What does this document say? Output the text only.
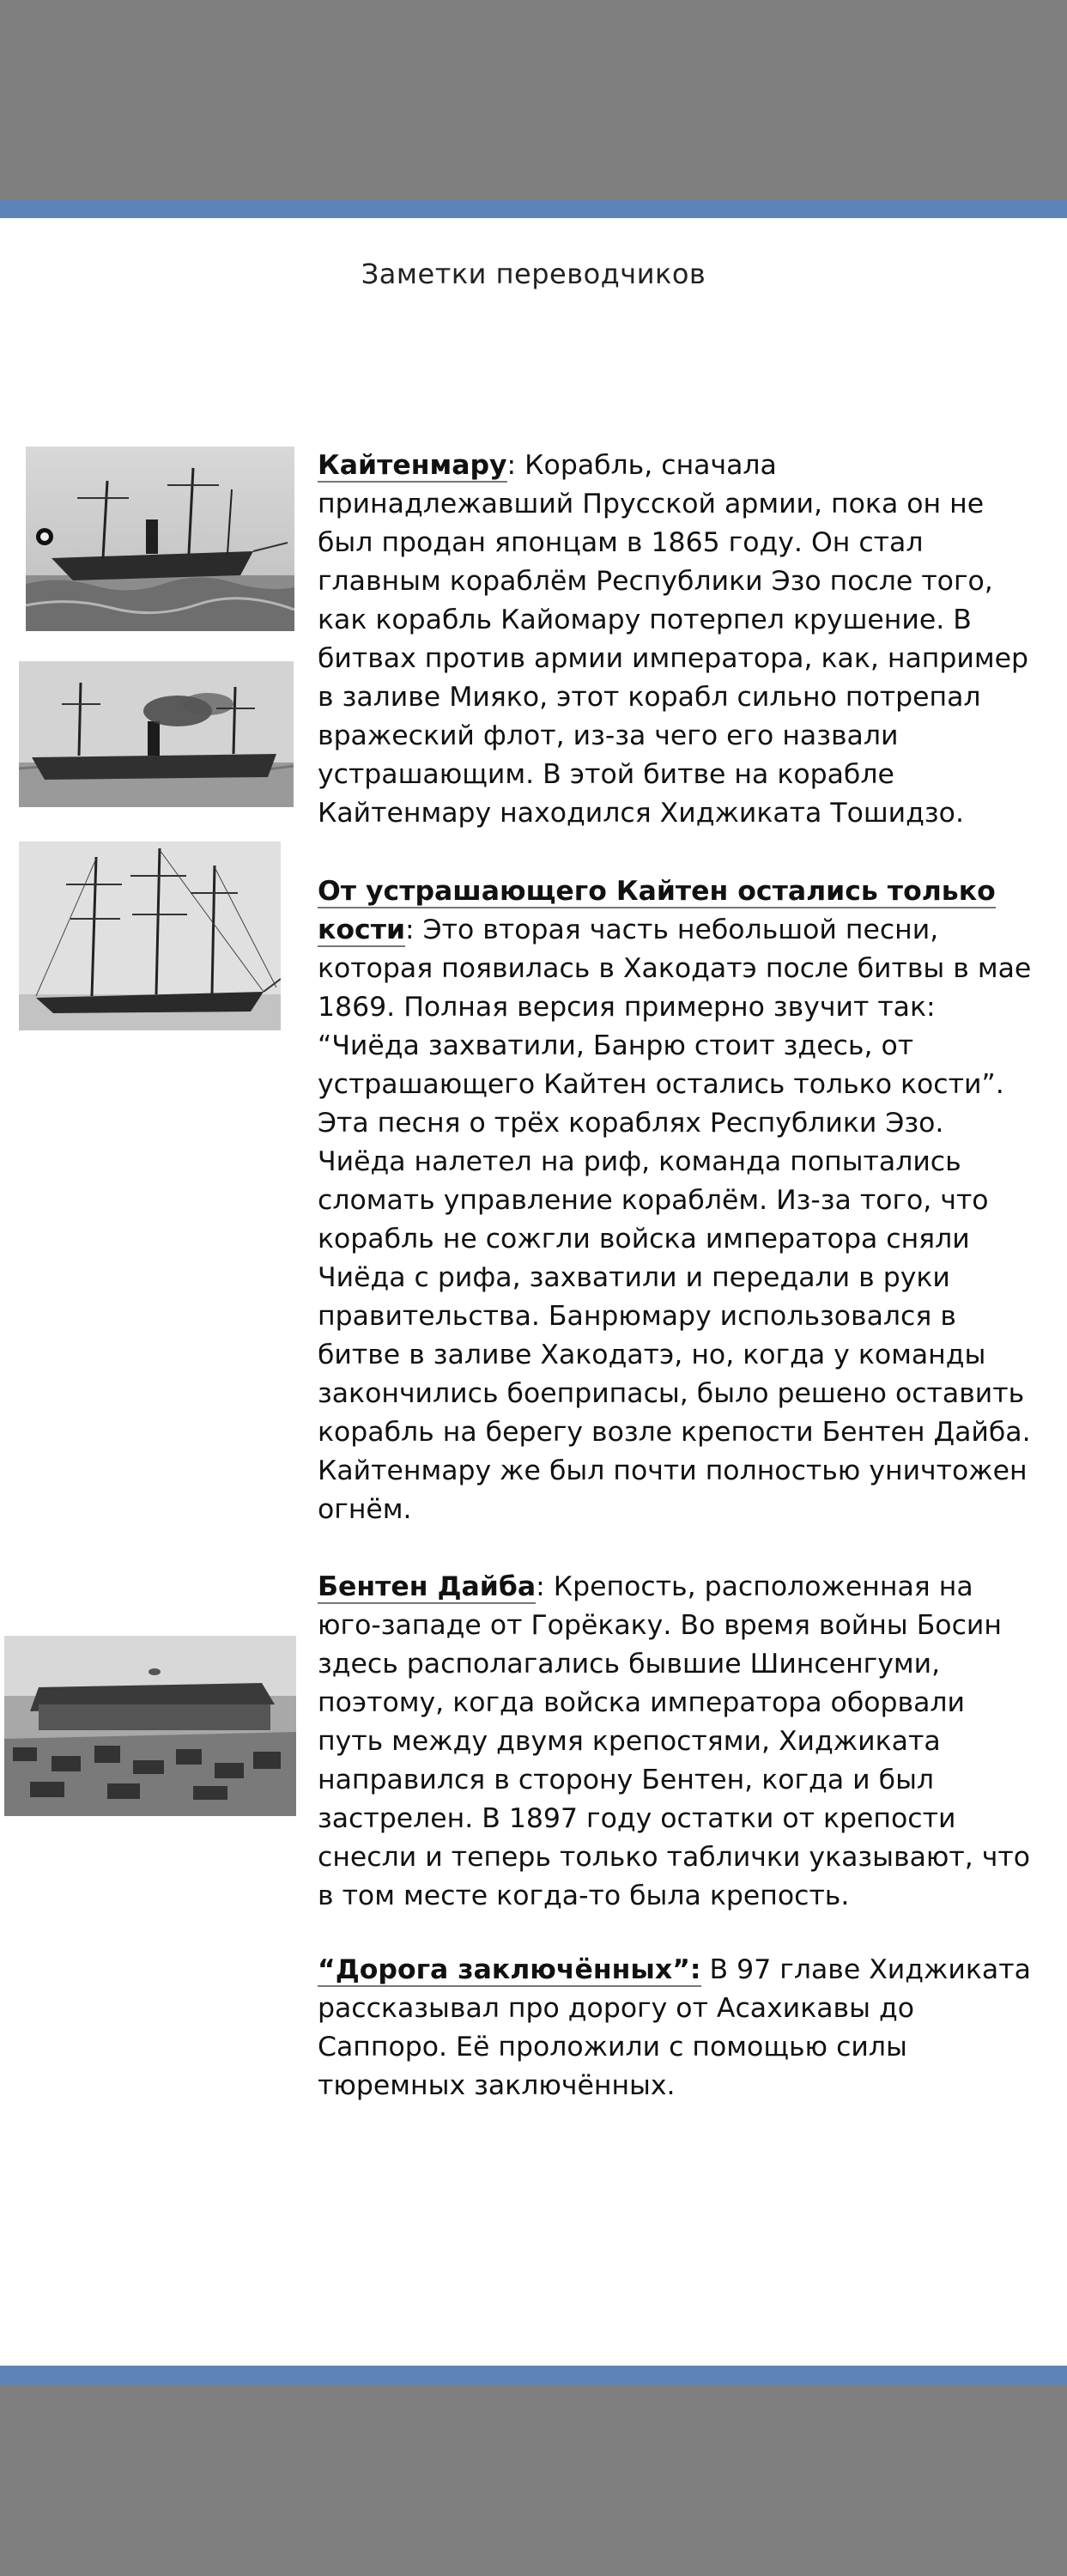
Заметки переводчиков
Кайтенмару: Корабль, сначала принадлежавший Прусской армии, пока он не был продан японцам в 1865 году. Он стал главным кораблём Республики Эзо после того, как корабль Кайомару потерпел крушение. В битвах против армии императора, как, например в заливе Мияко, этот корабл сильно потрепал вражеский флот, из-за чего его назвали устрашающим. В этой битве на корабле Кайтенмару находился Хиджиката Тошидзо.
От устрашающего Кайтен остались только кости: Это вторая часть небольшой песни, которая появилась в Хакодатэ после битвы в мае 1869. Полная версия примерно звучит так: “Чиёда захватили, Банрю стоит здесь, от устрашающего Кайтен остались только кости”. Эта песня о трёх кораблях Республики Эзо. Чиёда налетел на риф, команда попытались сломать управление кораблём. Из-за того, что корабль не сожгли войска императора сняли Чиёда с рифа, захватили и передали в руки правительства. Банрюмару использовался в битве в заливе Хакодатэ, но, когда у команды закончились боеприпасы, было решено оставить корабль на берегу возле крепости Бентен Дайба. Кайтенмару же был почти полностью уничтожен огнём.
Бентен Дайба: Крепость, расположенная на юго-западе от Горёкаку. Во время войны Босин здесь располагались бывшие Шинсенгуми, поэтому, когда войска императора оборвали путь между двумя крепостями, Хиджиката направился в сторону Бентен, когда и был застрелен. В 1897 году остатки от крепости снесли и теперь только таблички указывают, что в том месте когда-то была крепость.
“Дорога заключённых”: В 97 главе Хиджиката рассказывал про дорогу от Асахикавы до Саппоро. Её проложили с помощью силы тюремных заключённых.
